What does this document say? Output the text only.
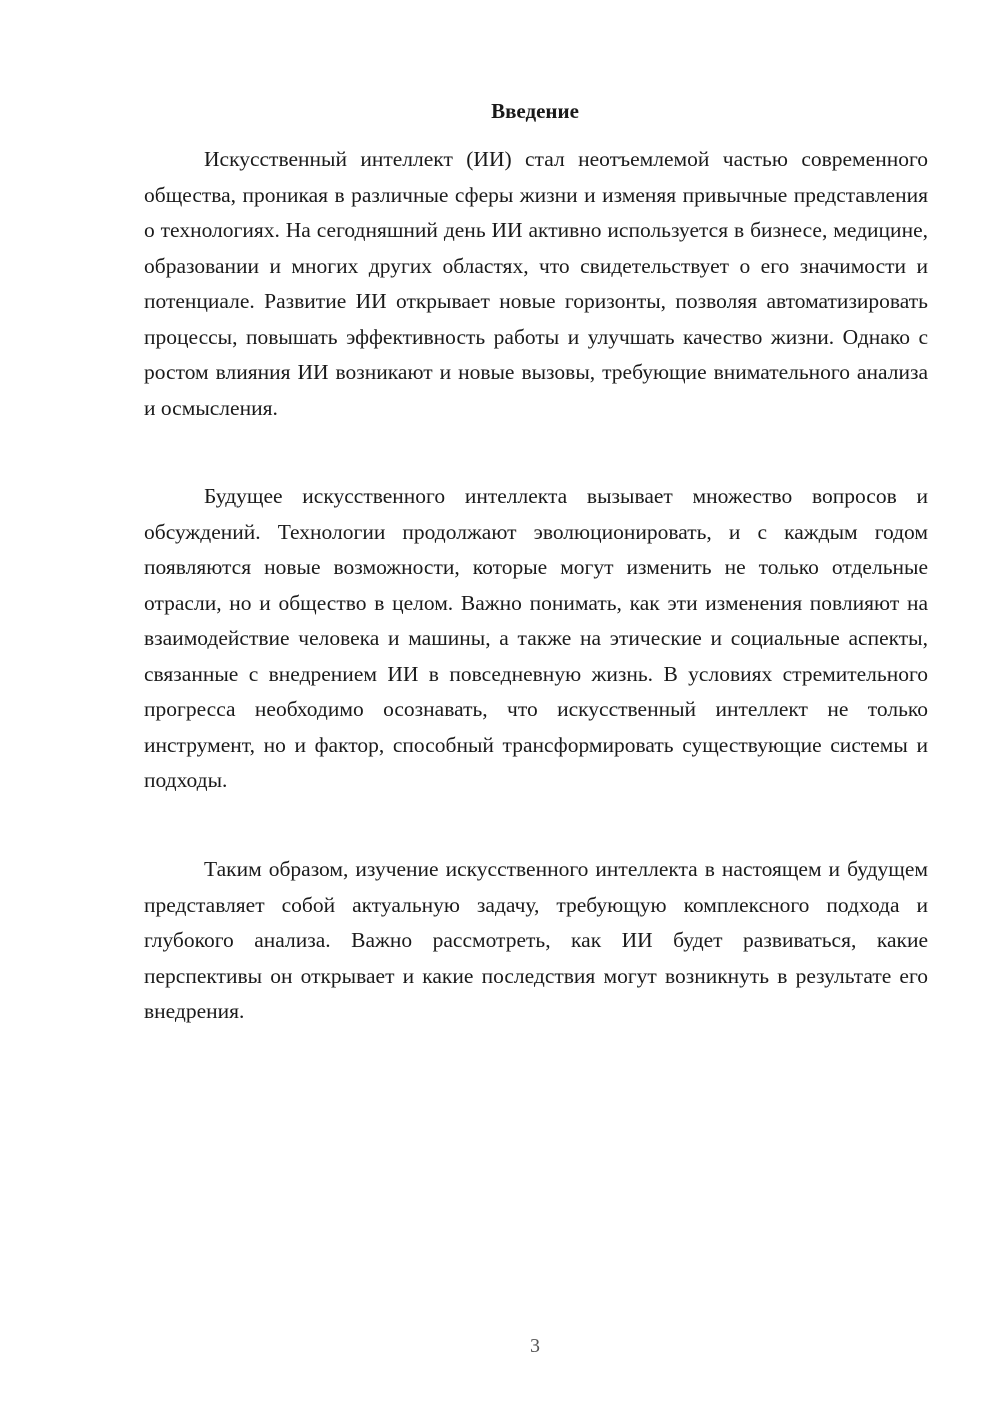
Введение

Искусственный интеллект (ИИ) стал неотъемлемой частью современного общества, проникая в различные сферы жизни и изменяя привычные представления о технологиях. На сегодняшний день ИИ активно используется в бизнесе, медицине, образовании и многих других областях, что свидетельствует о его значимости и потенциале. Развитие ИИ открывает новые горизонты, позволяя автоматизировать процессы, повышать эффективность работы и улучшать качество жизни. Однако с ростом влияния ИИ возникают и новые вызовы, требующие внимательного анализа и осмысления.

Будущее искусственного интеллекта вызывает множество вопросов и обсуждений. Технологии продолжают эволюционировать, и с каждым годом появляются новые возможности, которые могут изменить не только отдельные отрасли, но и общество в целом. Важно понимать, как эти изменения повлияют на взаимодействие человека и машины, а также на этические и социальные аспекты, связанные с внедрением ИИ в повседневную жизнь. В условиях стремительного прогресса необходимо осознавать, что искусственный интеллект не только инструмент, но и фактор, способный трансформировать существующие системы и подходы.

Таким образом, изучение искусственного интеллекта в настоящем и будущем представляет собой актуальную задачу, требующую комплексного подхода и глубокого анализа. Важно рассмотреть, как ИИ будет развиваться, какие перспективы он открывает и какие последствия могут возникнуть в результате его внедрения.

3
